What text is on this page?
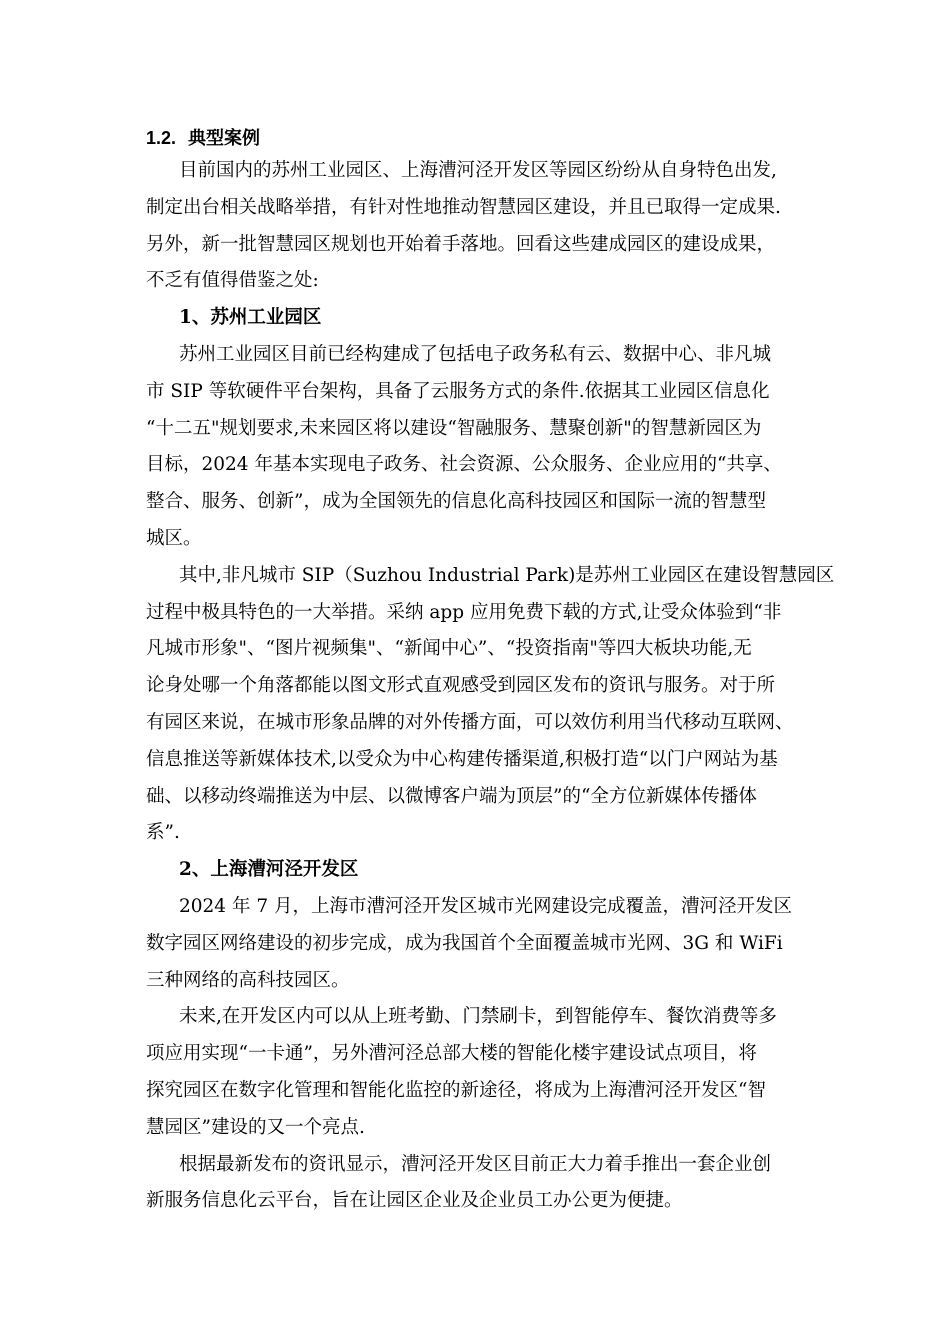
1.2. 典型案例
目前国内的苏州工业园区、上海漕河泾开发区等园区纷纷从自身特色出发,
制定出台相关战略举措，有针对性地推动智慧园区建设，并且已取得一定成果.
另外，新一批智慧园区规划也开始着手落地。回看这些建成园区的建设成果，
不乏有值得借鉴之处:
1、苏州工业园区
苏州工业园区目前已经构建成了包括电子政务私有云、数据中心、非凡城
市 SIP 等软硬件平台架构，具备了云服务方式的条件.依据其工业园区信息化
“十二五"规划要求,未来园区将以建设“智融服务、慧聚创新"的智慧新园区为
目标，2024 年基本实现电子政务、社会资源、公众服务、企业应用的“共享、
整合、服务、创新”，成为全国领先的信息化高科技园区和国际一流的智慧型
城区。
其中,非凡城市 SIP（Suzhou Industrial Park)是苏州工业园区在建设智慧园区
过程中极具特色的一大举措。采纳 app 应用免费下载的方式,让受众体验到“非
凡城市形象"、“图片视频集"、“新闻中心”、“投资指南"等四大板块功能,无
论身处哪一个角落都能以图文形式直观感受到园区发布的资讯与服务。对于所
有园区来说，在城市形象品牌的对外传播方面，可以效仿利用当代移动互联网、
信息推送等新媒体技术,以受众为中心构建传播渠道,积极打造“以门户网站为基
础、以移动终端推送为中层、以微博客户端为顶层”的“全方位新媒体传播体
系”.
2、上海漕河泾开发区
2024 年 7 月，上海市漕河泾开发区城市光网建设完成覆盖，漕河泾开发区
数字园区网络建设的初步完成，成为我国首个全面覆盖城市光网、3G 和 WiFi
三种网络的高科技园区。
未来,在开发区内可以从上班考勤、门禁刷卡，到智能停车、餐饮消费等多
项应用实现“一卡通”，另外漕河泾总部大楼的智能化楼宇建设试点项目，将
探究园区在数字化管理和智能化监控的新途径，将成为上海漕河泾开发区“智
慧园区”建设的又一个亮点.
根据最新发布的资讯显示，漕河泾开发区目前正大力着手推出一套企业创
新服务信息化云平台，旨在让园区企业及企业员工办公更为便捷。
